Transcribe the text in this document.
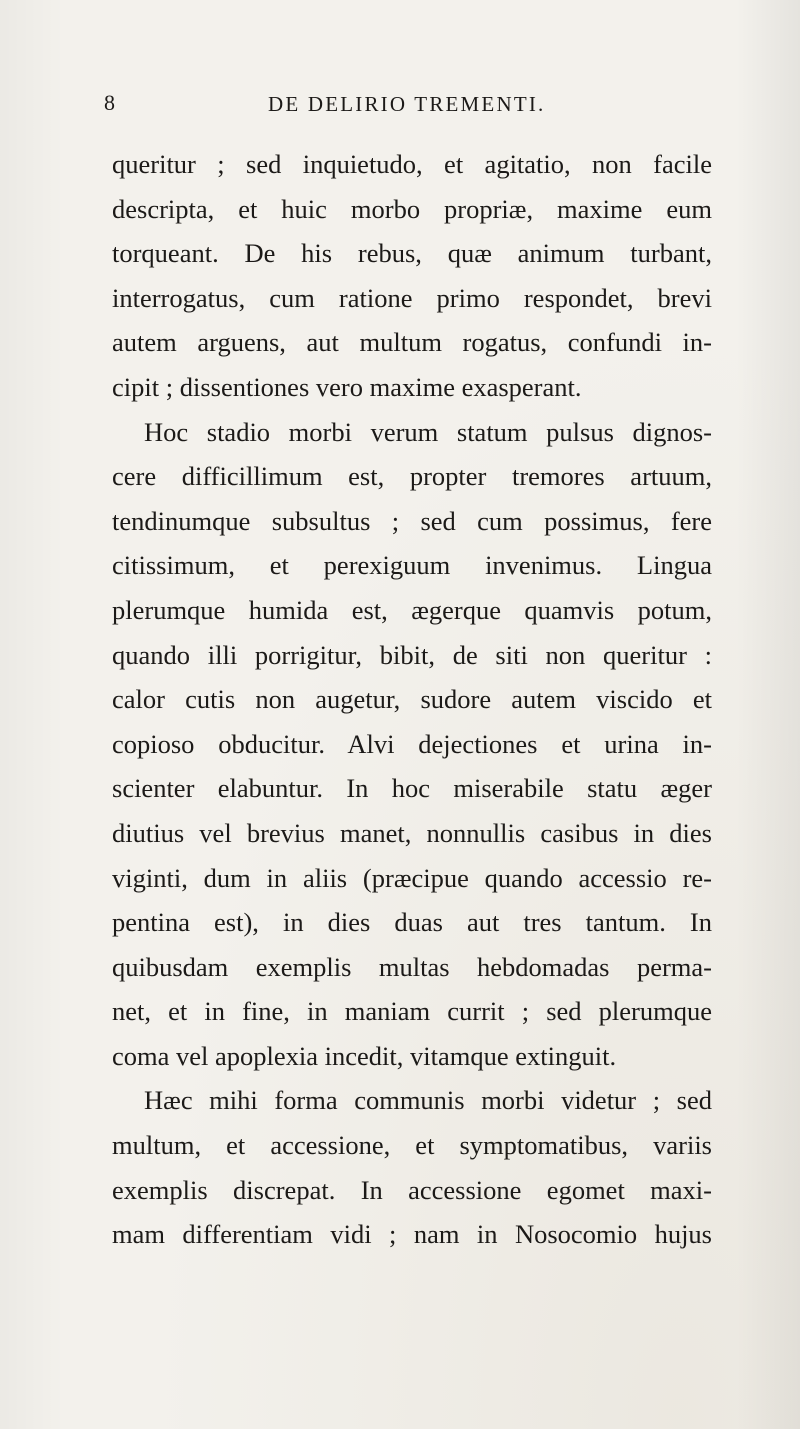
8	DE DELIRIO TREMENTI.
queritur ; sed inquietudo, et agitatio, non facile
descripta, et huic morbo propriæ, maxime eum
torqueant. De his rebus, quæ animum turbant,
interrogatus, cum ratione primo respondet, brevi
autem arguens, aut multum rogatus, confundi in-
cipit ; dissentiones vero maxime exasperant.
Hoc stadio morbi verum statum pulsus dignos-
cere difficillimum est, propter tremores artuum,
tendinumque subsultus ; sed cum possimus, fere
citissimum, et perexiguum invenimus. Lingua
plerumque humida est, ægerque quamvis potum,
quando illi porrigitur, bibit, de siti non queritur :
calor cutis non augetur, sudore autem viscido et
copioso obducitur. Alvi dejectiones et urina in-
scienter elabuntur. In hoc miserabile statu æger
diutius vel brevius manet, nonnullis casibus in dies
viginti, dum in aliis (præcipue quando accessio re-
pentina est), in dies duas aut tres tantum. In
quibusdam exemplis multas hebdomadas perma-
net, et in fine, in maniam currit ; sed plerumque
coma vel apoplexia incedit, vitamque extinguit.
Hæc mihi forma communis morbi videtur ; sed
multum, et accessione, et symptomatibus, variis
exemplis discrepat. In accessione egomet maxi-
mam differentiam vidi ; nam in Nosocomio hujus
